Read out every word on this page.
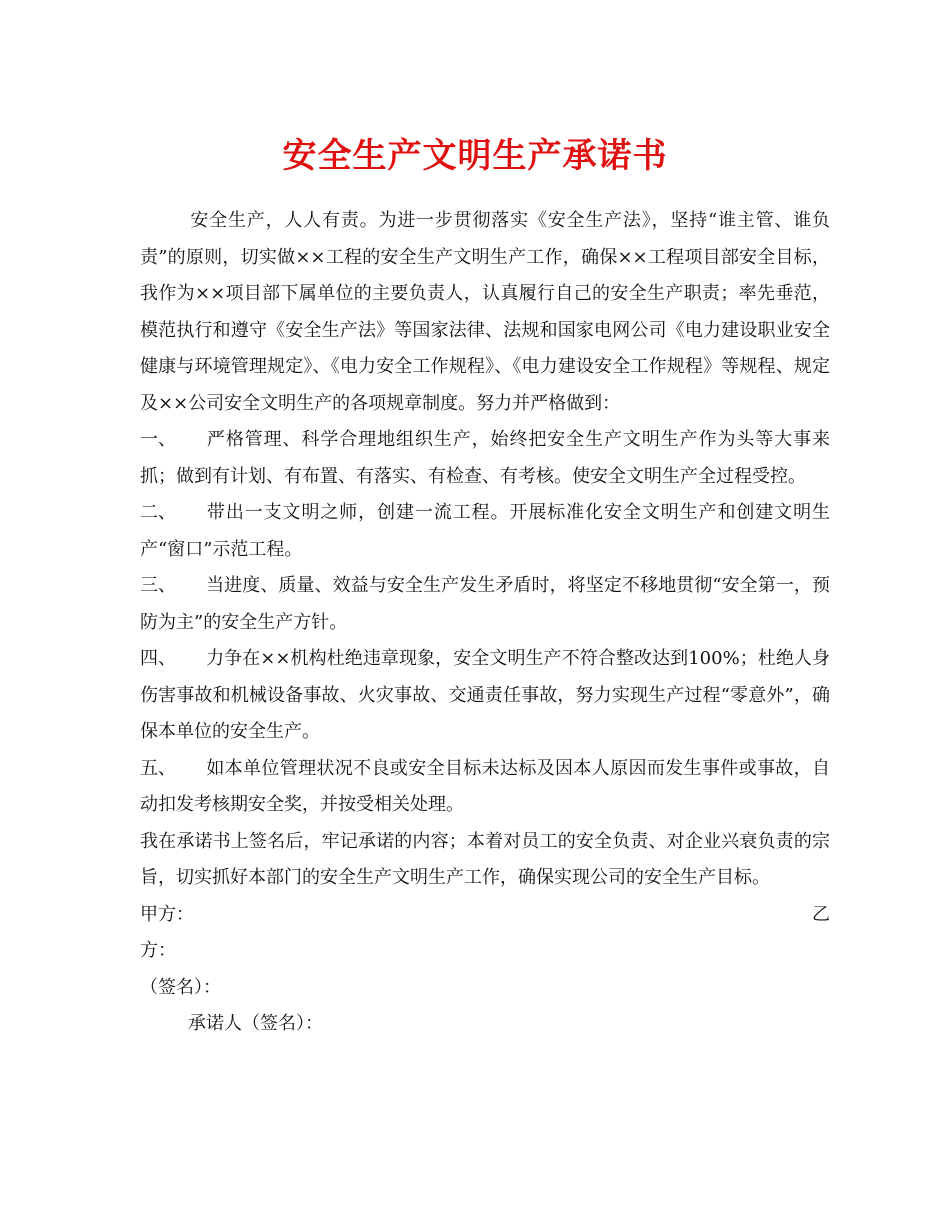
安全生产文明生产承诺书

安全生产，人人有责。为进一步贯彻落实《安全生产法》，坚持“谁主管、谁负责”的原则，切实做××工程的安全生产文明生产工作，确保××工程项目部安全目标，我作为××项目部下属单位的主要负责人，认真履行自己的安全生产职责；率先垂范，模范执行和遵守《安全生产法》等国家法律、法规和国家电网公司《电力建设职业安全健康与环境管理规定》、《电力安全工作规程》、《电力建设安全工作规程》等规程、规定及××公司安全文明生产的各项规章制度。努力并严格做到：

一、 严格管理、科学合理地组织生产，始终把安全生产文明生产作为头等大事来抓；做到有计划、有布置、有落实、有检查、有考核。使安全文明生产全过程受控。

二、 带出一支文明之师，创建一流工程。开展标准化安全文明生产和创建文明生产“窗口”示范工程。

三、 当进度、质量、效益与安全生产发生矛盾时，将坚定不移地贯彻“安全第一，预防为主”的安全生产方针。

四、 力争在××机构杜绝违章现象，安全文明生产不符合整改达到100%；杜绝人身伤害事故和机械设备事故、火灾事故、交通责任事故，努力实现生产过程“零意外”，确保本单位的安全生产。

五、 如本单位管理状况不良或安全目标未达标及因本人原因而发生事件或事故，自动扣发考核期安全奖，并按受相关处理。

我在承诺书上签名后，牢记承诺的内容；本着对员工的安全负责、对企业兴衰负责的宗旨，切实抓好本部门的安全生产文明生产工作，确保实现公司的安全生产目标。

甲方：	乙

方：

（签名）：

承诺人（签名）：
